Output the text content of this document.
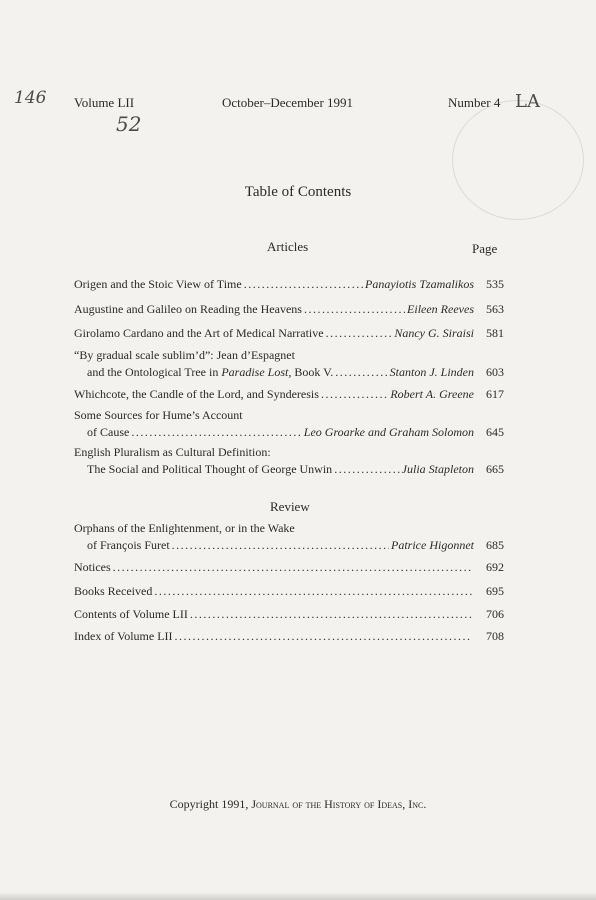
146
52
LA
Volume LII	October–December 1991	Number 4
Table of Contents
Articles	Page
Origen and the Stoic View of Time .....	Panayiotis Tzamalikos	535
Augustine and Galileo on Reading the Heavens .....	Eileen Reeves	563
Girolamo Cardano and the Art of Medical Narrative .....	Nancy G. Siraisi	581
“By gradual scale sublim’d”: Jean d’Espagnet
and the Ontological Tree in Paradise Lost, Book V. .....	Stanton J. Linden	603
Whichcote, the Candle of the Lord, and Synderesis .....	Robert A. Greene	617
Some Sources for Hume’s Account
of Cause .....	Leo Groarke and Graham Solomon	645
English Pluralism as Cultural Definition:
The Social and Political Thought of George Unwin .....	Julia Stapleton	665
Review
Orphans of the Enlightenment, or in the Wake
of François Furet .....	Patrice Higonnet	685
Notices .....	692
Books Received .....	695
Contents of Volume LII .....	706
Index of Volume LII .....	708
Copyright 1991, Journal of the History of Ideas, Inc.
